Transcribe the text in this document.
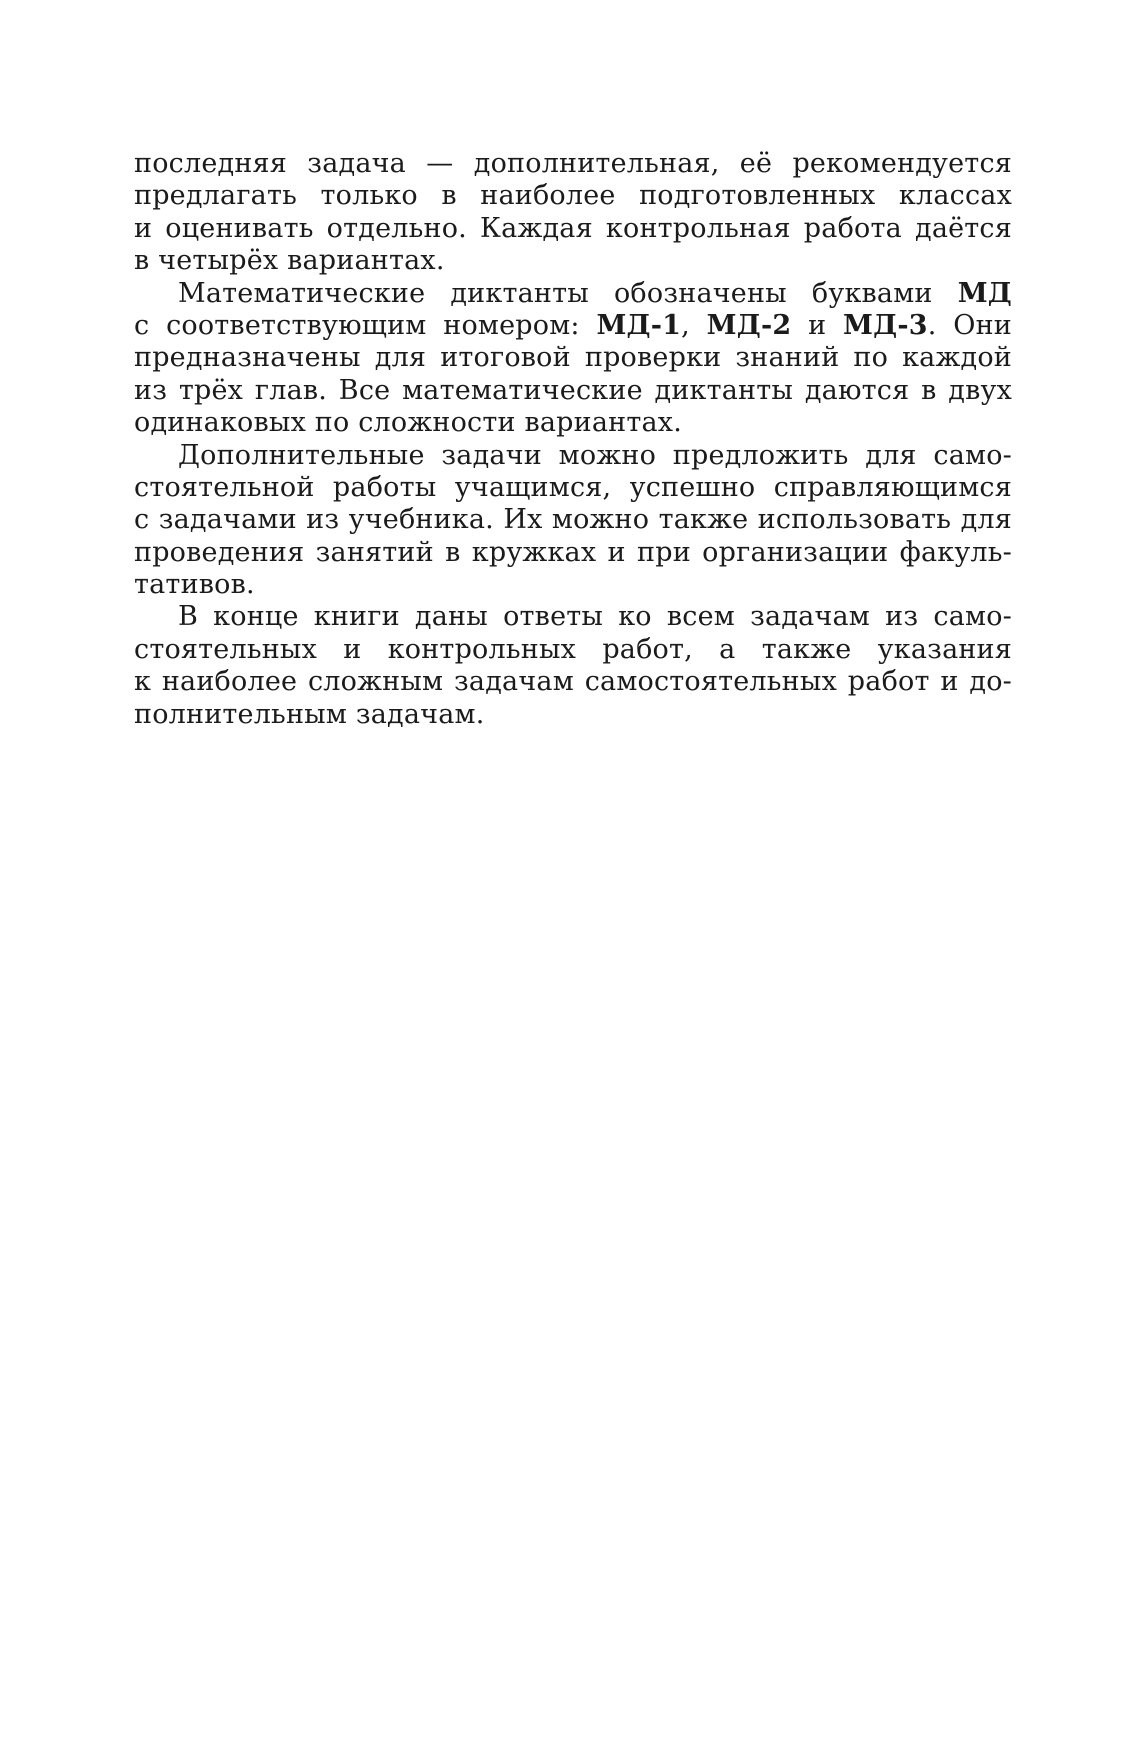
последняя задача — дополнительная, её рекомендуется
предлагать только в наиболее подготовленных классах
и оценивать отдельно. Каждая контрольная работа даётся
в четырёх вариантах.
Математические диктанты обозначены буквами МД
с соответствующим номером: МД-1, МД-2 и МД-3. Они
предназначены для итоговой проверки знаний по каждой
из трёх глав. Все математические диктанты даются в двух
одинаковых по сложности вариантах.
Дополнительные задачи можно предложить для само-
стоятельной работы учащимся, успешно справляющимся
с задачами из учебника. Их можно также использовать для
проведения занятий в кружках и при организации факуль-
тативов.
В конце книги даны ответы ко всем задачам из само-
стоятельных и контрольных работ, а также указания
к наиболее сложным задачам самостоятельных работ и до-
полнительным задачам.
